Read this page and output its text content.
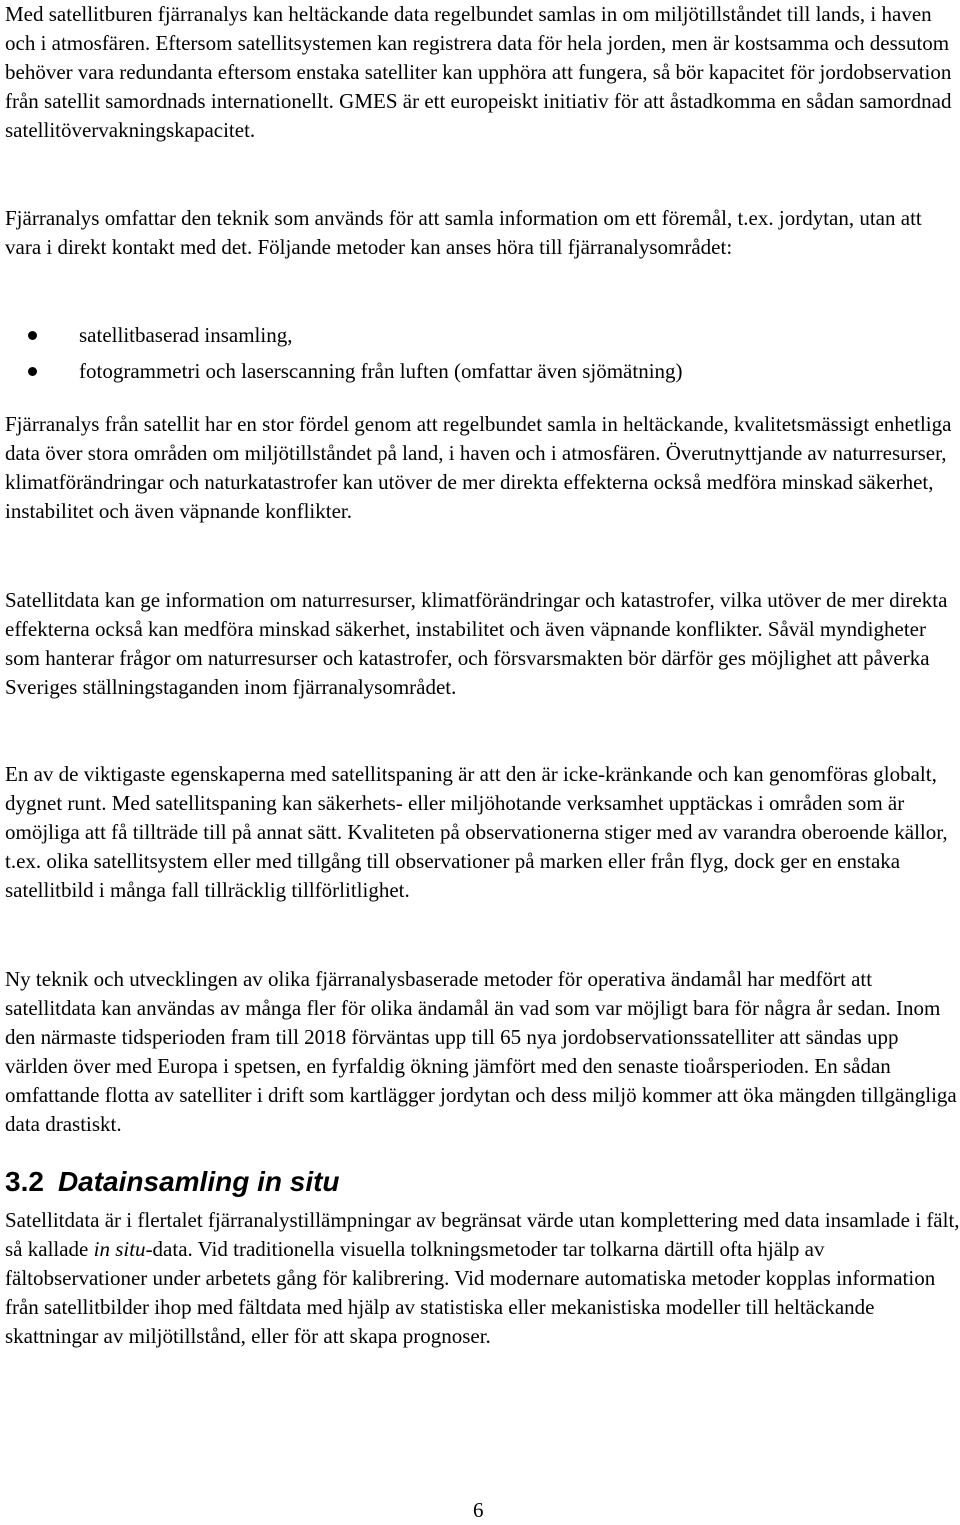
Med satellitburen fjärranalys kan heltäckande data regelbundet samlas in om miljötillståndet till lands, i haven och i atmosfären. Eftersom satellitsystemen kan registrera data för hela jorden, men är kostsamma och dessutom behöver vara redundanta eftersom enstaka satelliter kan upphöra att fungera, så bör kapacitet för jordobservation från satellit samordnads internationellt. GMES är ett europeiskt initiativ för att åstadkomma en sådan samordnad satellitövervakningskapacitet.

Fjärranalys omfattar den teknik som används för att samla information om ett föremål, t.ex. jordytan, utan att vara i direkt kontakt med det. Följande metoder kan anses höra till fjärranalysområdet:

satellitbaserad insamling,
fotogrammetri och laserscanning från luften (omfattar även sjömätning)

Fjärranalys från satellit har en stor fördel genom att regelbundet samla in heltäckande, kvalitetsmässigt enhetliga data över stora områden om miljötillståndet på land, i haven och i atmosfären. Överutnyttjande av naturresurser, klimatförändringar och naturkatastrofer kan utöver de mer direkta effekterna också medföra minskad säkerhet, instabilitet och även väpnande konflikter.

Satellitdata kan ge information om naturresurser, klimatförändringar och katastrofer, vilka utöver de mer direkta effekterna också kan medföra minskad säkerhet, instabilitet och även väpnande konflikter. Såväl myndigheter som hanterar frågor om naturresurser och katastrofer, och försvarsmakten bör därför ges möjlighet att påverka Sveriges ställningstaganden inom fjärranalysområdet.

En av de viktigaste egenskaperna med satellitspaning är att den är icke-kränkande och kan genomföras globalt, dygnet runt. Med satellitspaning kan säkerhets- eller miljöhotande verksamhet upptäckas i områden som är omöjliga att få tillträde till på annat sätt. Kvaliteten på observationerna stiger med av varandra oberoende källor, t.ex. olika satellitsystem eller med tillgång till observationer på marken eller från flyg, dock ger en enstaka satellitbild i många fall tillräcklig tillförlitlighet.

Ny teknik och utvecklingen av olika fjärranalysbaserade metoder för operativa ändamål har medfört att satellitdata kan användas av många fler för olika ändamål än vad som var möjligt bara för några år sedan. Inom den närmaste tidsperioden fram till 2018 förväntas upp till 65 nya jordobservationssatelliter att sändas upp världen över med Europa i spetsen, en fyrfaldig ökning jämfört med den senaste tioårsperioden. En sådan omfattande flotta av satelliter i drift som kartlägger jordytan och dess miljö kommer att öka mängden tillgängliga data drastiskt.

3.2 Datainsamling in situ

Satellitdata är i flertalet fjärranalystillämpningar av begränsat värde utan komplettering med data insamlade i fält, så kallade in situ-data. Vid traditionella visuella tolkningsmetoder tar tolkarna därtill ofta hjälp av fältobservationer under arbetets gång för kalibrering. Vid modernare automatiska metoder kopplas information från satellitbilder ihop med fältdata med hjälp av statistiska eller mekanistiska modeller till heltäckande skattningar av miljötillstånd, eller för att skapa prognoser.

6
